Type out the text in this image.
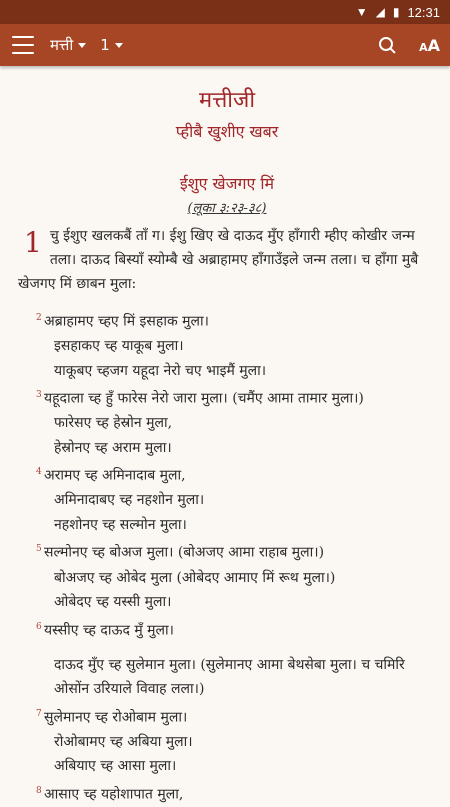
▼ ◢ ▮ 12:31
मत्ती 1	AA
मत्तीजी
प्हीबै खुशीए खबर
ईशुए खेजगए मिं
(लूका ३:२३-३८)
1 चु ईशुए खलकबैं ताँ ग। ईशु खिए खे दाऊद मुँए हाँगारी म्हीए कोखीर जन्म तला। दाऊद बिस्याँ स्योम्बै खे अब्राहामए हाँगाउँइले जन्म तला। च हाँगा मुबै खेजगए मिं छाबन मुला:
2 अब्राहामए च्हए मिं इसहाक मुला।
इसहाकए च्ह याकूब मुला।
याकूबए च्हजग यहूदा नेरो चए भाइमैं मुला।
3 यहूदाला च्ह हुँ फारेस नेरो जारा मुला। (चमैंए आमा तामार मुला।)
फारेसए च्ह हेस्रोन मुला,
हेस्रोनए च्ह अराम मुला।
4 अरामए च्ह अमिनादाब मुला,
अमिनादाबए च्ह नहशोन मुला।
नहशोनए च्ह सल्मोन मुला।
5 सल्मोनए च्ह बोअज मुला। (बोअजए आमा राहाब मुला।)
बोअजए च्ह ओबेद मुला (ओबेदए आमाए मिं रूथ मुला।)
ओबेदए च्ह यस्सी मुला।
6 यस्सीए च्ह दाऊद मुँ मुला।
दाऊद मुँए च्ह सुलेमान मुला। (सुलेमानए आमा बेथसेबा मुला। च चमिरि ओसोंन उरियाले विवाह लला।)
7 सुलेमानए च्ह रोओबाम मुला।
रोओबामए च्ह अबिया मुला।
अबियाए च्ह आसा मुला।
8 आसाए च्ह यहोशापात मुला,
